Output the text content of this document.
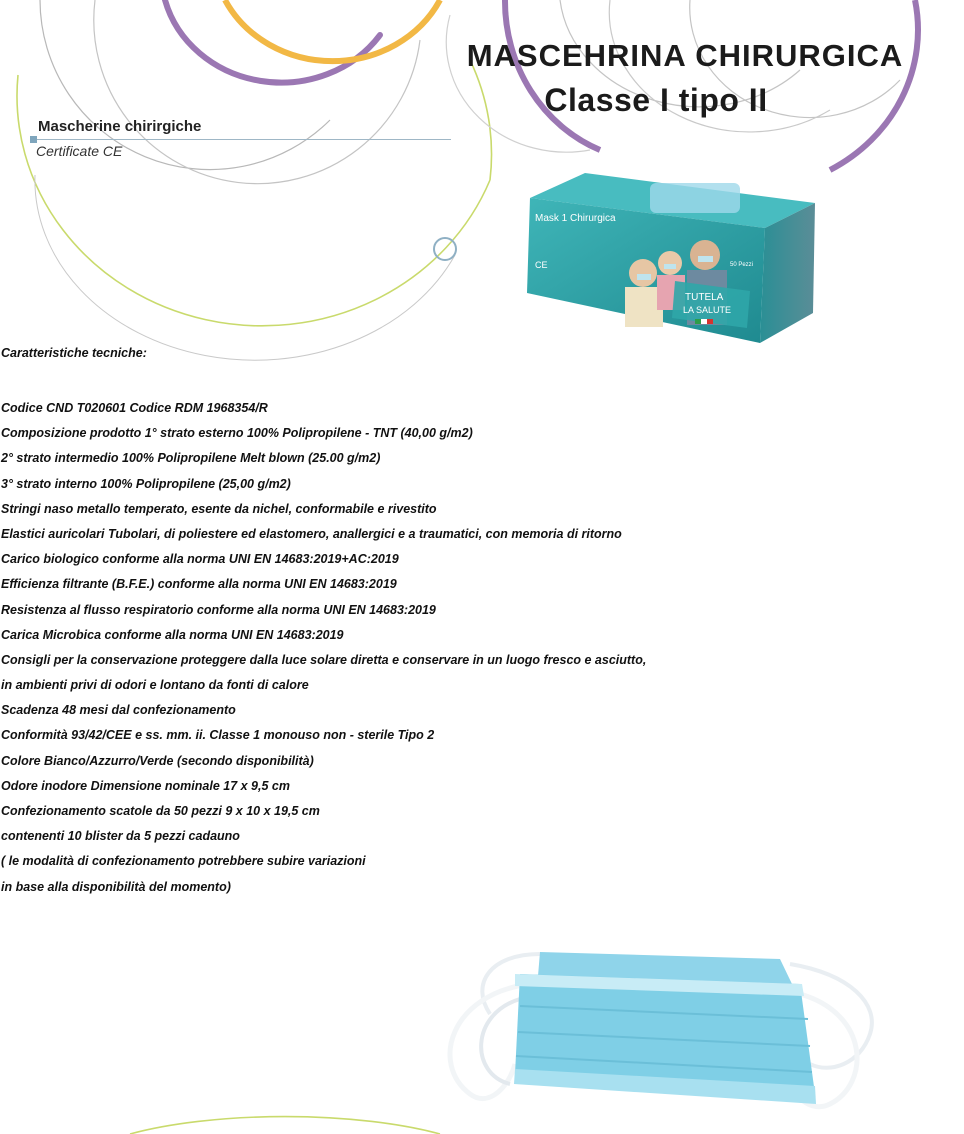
MASCEHRINA CHIRURGICA
Classe I tipo II
Mascherine chirirgiche
Certificate CE
Mask 1 Chirurgica
CE
TUTELA
LA SALUTE
50 Pezzi
Caratteristiche tecniche:
Codice CND T020601 Codice RDM 1968354/R
Composizione prodotto 1° strato esterno 100% Polipropilene - TNT (40,00 g/m2)
2° strato intermedio 100% Polipropilene Melt blown (25.00 g/m2)
3° strato interno 100% Polipropilene (25,00 g/m2)
Stringi naso metallo temperato, esente da nichel, conformabile e rivestito
Elastici auricolari Tubolari, di poliestere ed elastomero, anallergici e a traumatici, con memoria di ritorno
Carico biologico conforme alla norma UNI EN 14683:2019+AC:2019
Efficienza filtrante (B.F.E.) conforme alla norma UNI EN 14683:2019
Resistenza al flusso respiratorio conforme alla norma UNI EN 14683:2019
Carica Microbica conforme alla norma UNI EN 14683:2019
Consigli per la conservazione proteggere dalla luce solare diretta e conservare in un luogo fresco e asciutto,
in ambienti privi di odori e lontano da fonti di calore
Scadenza 48 mesi dal confezionamento
Conformità 93/42/CEE e ss. mm. ii. Classe 1 monouso non - sterile Tipo 2
Colore Bianco/Azzurro/Verde (secondo disponibilità)
Odore inodore Dimensione nominale 17 x 9,5 cm
Confezionamento scatole da 50 pezzi 9 x 10 x 19,5 cm
contenenti 10 blister da 5 pezzi cadauno
( le modalità di confezionamento potrebbere subire variazioni
in base alla disponibilità del momento)
